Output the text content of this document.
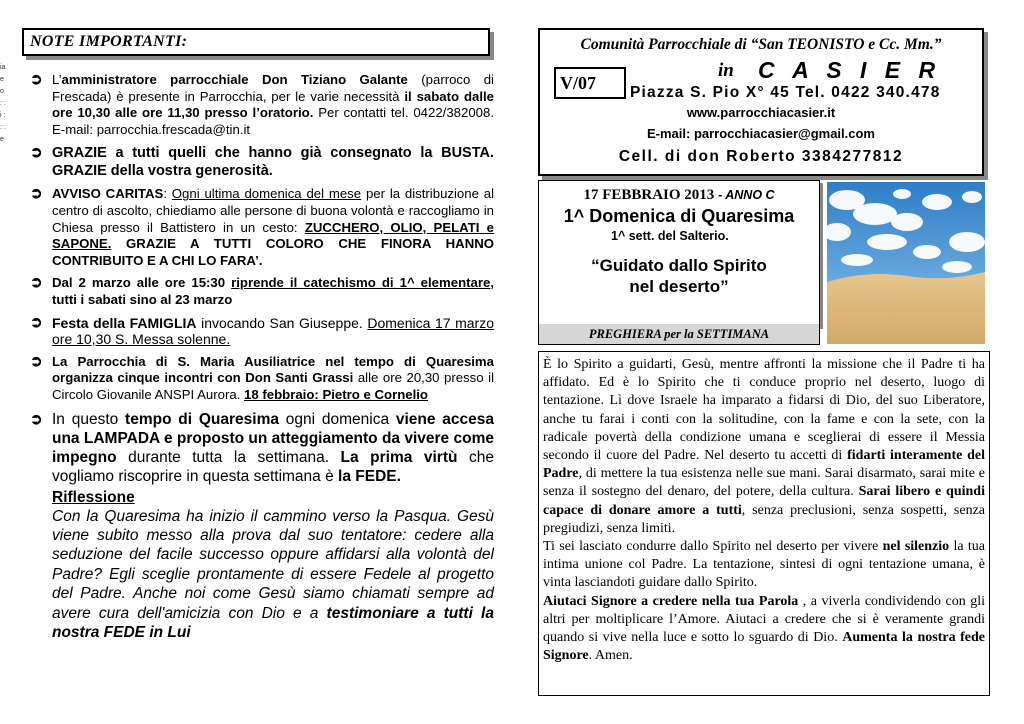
ia e o : : i : : : e
NOTE IMPORTANTI:
➲ L’amministratore parrocchiale Don Tiziano Galante (parroco di Frescada) è presente in Parrocchia, per le varie necessità il sabato dalle ore 10,30 alle ore 11,30 presso l’oratorio. Per contatti tel. 0422/382008. E-mail: parrocchia.frescada@tin.it
➲ GRAZIE a tutti quelli che hanno già consegnato la BUSTA. GRAZIE della vostra generosità.
➲ AVVISO CARITAS: Ogni ultima domenica del mese per la distribuzione al centro di ascolto, chiediamo alle persone di buona volontà e raccogliamo in Chiesa presso il Battistero in un cesto: ZUCCHERO, OLIO, PELATI e SAPONE. GRAZIE A TUTTI COLORO CHE FINORA HANNO CONTRIBUITO E A CHI LO FARA’.
➲ Dal 2 marzo alle ore 15:30 riprende il catechismo di 1^ elementare, tutti i sabati sino al 23 marzo
➲ Festa della FAMIGLIA invocando San Giuseppe. Domenica 17 marzo ore 10,30 S. Messa solenne.
➲ La Parrocchia di S. Maria Ausiliatrice nel tempo di Quaresima organizza cinque incontri con Don Santi Grassi alle ore 20,30 presso il Circolo Giovanile ANSPI Aurora. 18 febbraio: Pietro e Cornelio
➲ In questo tempo di Quaresima ogni domenica viene accesa una LAMPADA e proposto un atteggiamento da vivere come impegno durante tutta la settimana. La prima virtù che vogliamo riscoprire in questa settimana è la FEDE.
Riflessione
Con la Quaresima ha inizio il cammino verso la Pasqua. Gesù viene subito messo alla prova dal suo tentatore: cedere alla seduzione del facile successo oppure affidarsi alla volontà del Padre? Egli sceglie prontamente di essere Fedele al progetto del Padre. Anche noi come Gesù siamo chiamati sempre ad avere cura dell'amicizia con Dio e a testimoniare a tutti la nostra FEDE in Lui
Comunità Parrocchiale di “San TEONISTO e Cc. Mm.”
V/07
in C A S I E R
Piazza S. Pio X° 45 Tel. 0422 340.478
www.parrocchiacasier.it
E-mail: parrocchiacasier@gmail.com
Cell. di don Roberto 3384277812
17 FEBBRAIO 2013 - ANNO C
1^ Domenica di Quaresima
1^ sett. del Salterio.
“Guidato dallo Spirito
nel deserto”
PREGHIERA per la SETTIMANA

È lo Spirito a guidarti, Gesù, mentre affronti la missione che il Padre ti ha affidato. Ed è lo Spirito che ti conduce proprio nel deserto, luogo di tentazione. Lì dove Israele ha imparato a fidarsi di Dio, del suo Liberatore, anche tu farai i conti con la solitudine, con la fame e con la sete, con la radicale povertà della condizione umana e sceglierai di essere il Messia secondo il cuore del Padre. Nel deserto tu accetti di fidarti interamente del Padre, di mettere la tua esistenza nelle sue mani. Sarai disarmato, sarai mite e senza il sostegno del denaro, del potere, della cultura. Sarai libero e quindi capace di donare amore a tutti, senza preclusioni, senza sospetti, senza pregiudizi, senza limiti.

Ti sei lasciato condurre dallo Spirito nel deserto per vivere nel silenzio la tua intima unione col Padre. La tentazione, sintesi di ogni tentazione umana, è vinta lasciandoti guidare dallo Spirito.

Aiutaci Signore a credere nella tua Parola , a viverla condividendo con gli altri per moltiplicare l’Amore. Aiutaci a credere che si è veramente grandi quando si vive nella luce e sotto lo sguardo di Dio. Aumenta la nostra fede Signore. Amen.
